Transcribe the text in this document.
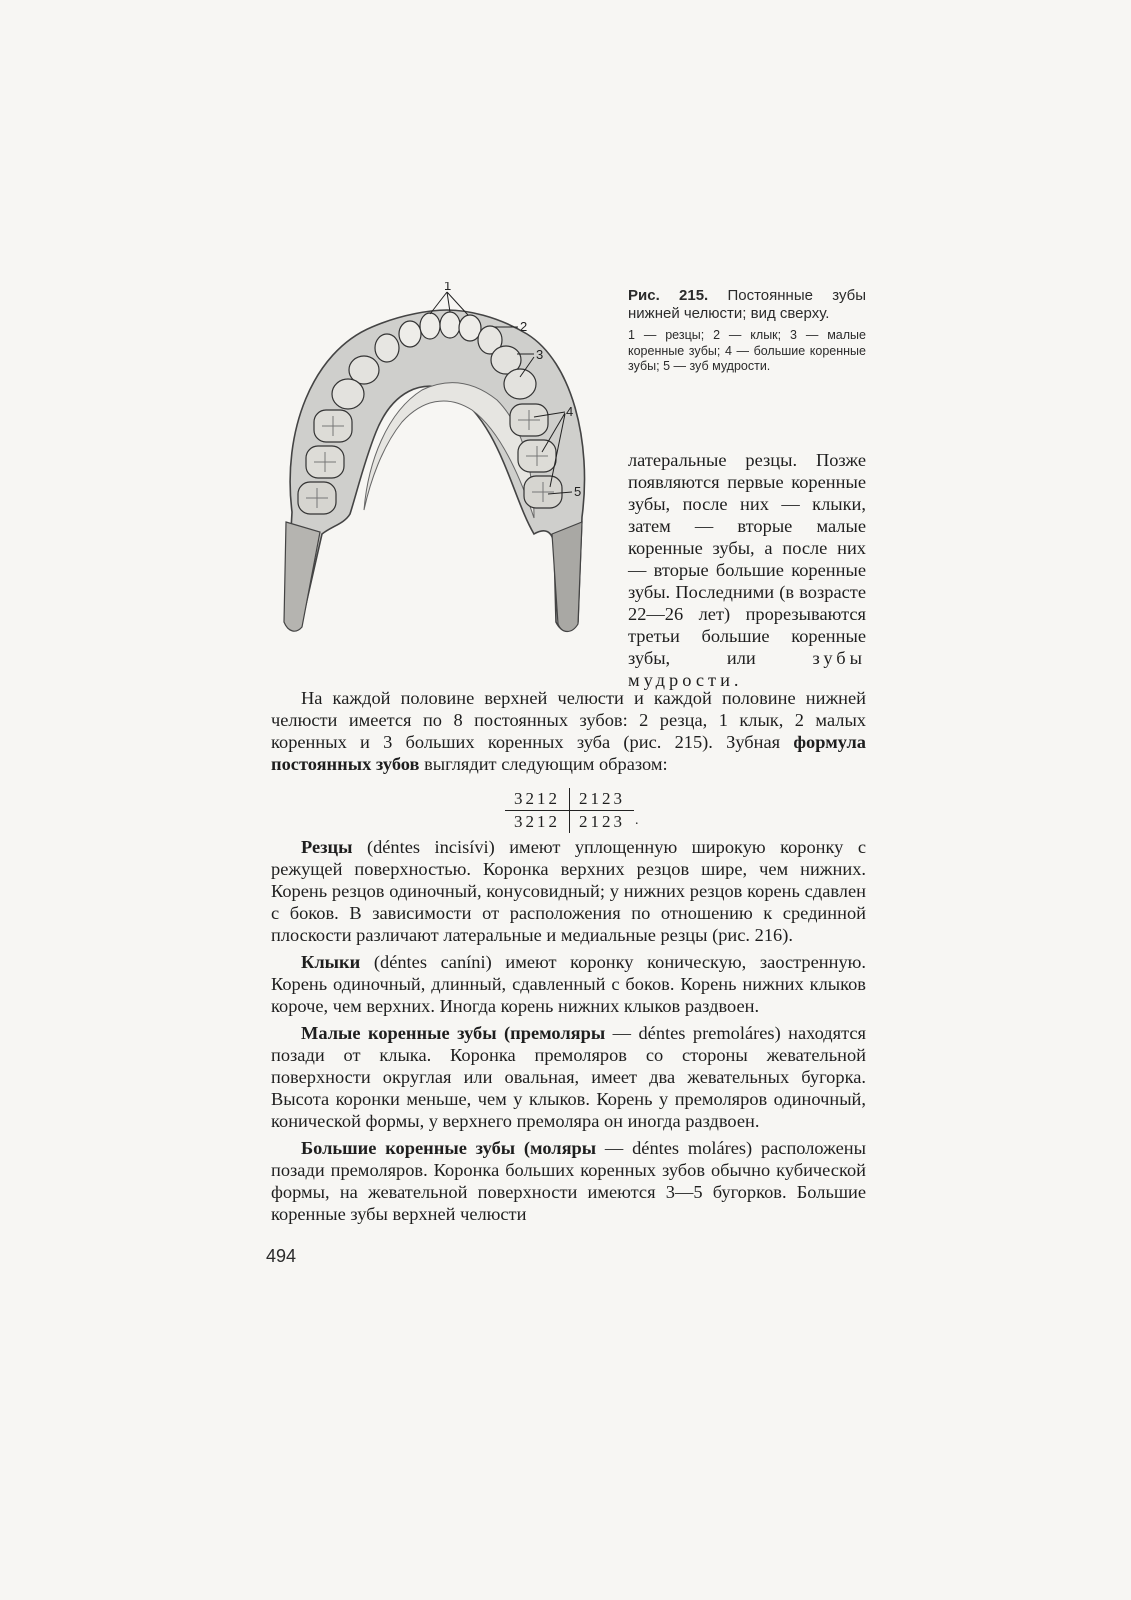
1
2
3
4
5
Рис. 215. Постоянные зубы нижней челюсти; вид сверху.
1 — резцы; 2 — клык; 3 — малые коренные зубы; 4 — большие коренные зубы; 5 — зуб мудрости.
латеральные резцы. Позже появляются первые коренные зубы, после них — клыки, затем — вторые малые коренные зубы, а после них — вторые большие коренные зубы. Последними (в возрасте 22—26 лет) прорезываются третьи большие коренные зубы, или	зубы мудрости.

На каждой половине верхней челюсти и каждой половине нижней челюсти имеется по 8 постоянных зубов: 2 резца, 1 клык, 2 малых коренных и 3 больших коренных зуба (рис. 215). Зубная формула постоянных зубов выглядит следующим образом:

3212	2123
3212	2123 .

Резцы (déntes incisívi) имеют уплощенную широкую коронку с режущей поверхностью. Коронка верхних резцов шире, чем нижних. Корень резцов одиночный, конусовидный; у нижних резцов корень сдавлен с боков. В зависимости от расположения по отношению к срединной плоскости различают латеральные и медиальные резцы (рис. 216).

Клыки (déntes caníni) имеют коронку коническую, заостренную. Корень одиночный, длинный, сдавленный с боков. Корень нижних клыков короче, чем верхних. Иногда корень нижних клыков раздвоен.

Малые коренные зубы (премоляры — déntes premoláres) находятся позади от клыка. Коронка премоляров со стороны жевательной поверхности округлая или овальная, имеет два жевательных бугорка. Высота коронки меньше, чем у клыков. Корень у премоляров одиночный, конической формы, у верхнего премоляра он иногда раздвоен.

Большие коренные зубы (моляры — déntes moláres) расположены позади премоляров. Коронка больших коренных зубов обычно кубической формы, на жевательной поверхности имеются 3—5 бугорков. Большие коренные зубы верхней челюсти

494
